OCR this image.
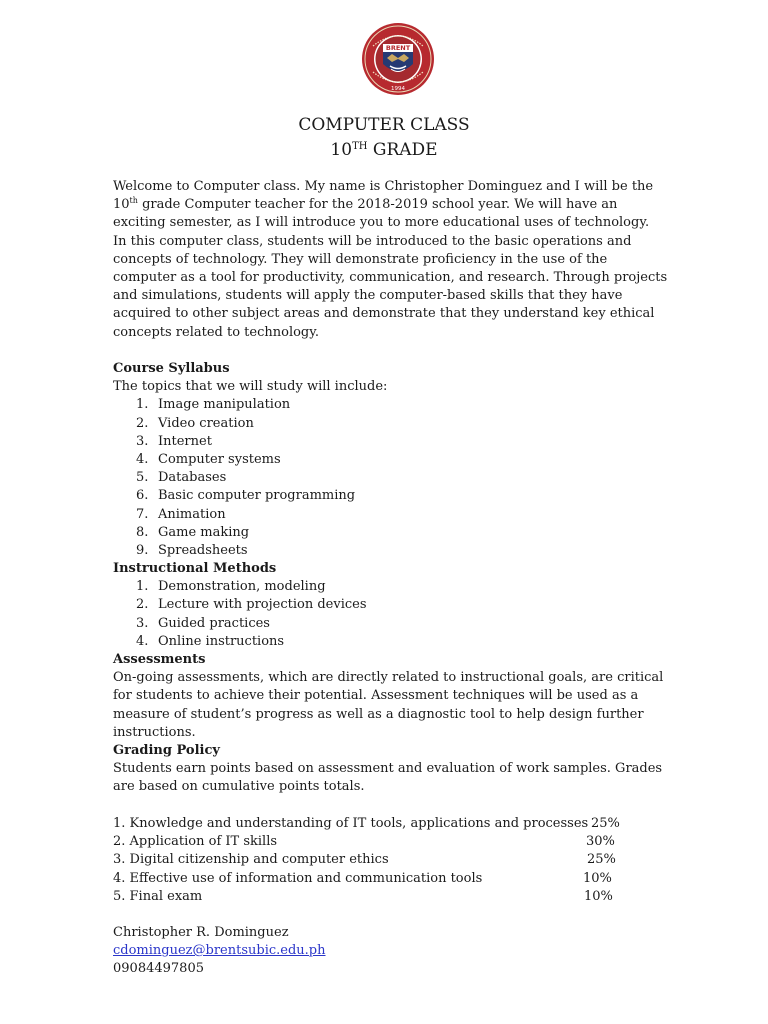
BRENT
1994
COMPUTER CLASS
10TH GRADE
Welcome to Computer class. My name is Christopher Dominguez and I will be the
10th grade Computer teacher for the 2018-2019 school year. We will have an
exciting semester, as I will introduce you to more educational uses of technology.
In this computer class, students will be introduced to the basic operations and
concepts of technology. They will demonstrate proficiency in the use of the
computer as a tool for productivity, communication, and research. Through projects
and simulations, students will apply the computer-based skills that they have
acquired to other subject areas and demonstrate that they understand key ethical
concepts related to technology.
Course Syllabus
The topics that we will study will include:
1. Image manipulation
2. Video creation
3. Internet
4. Computer systems
5. Databases
6. Basic computer programming
7. Animation
8. Game making
9. Spreadsheets
Instructional Methods
1. Demonstration, modeling
2. Lecture with projection devices
3. Guided practices
4. Online instructions
Assessments
On-going assessments, which are directly related to instructional goals, are critical
for students to achieve their potential. Assessment techniques will be used as a
measure of student’s progress as well as a diagnostic tool to help design further
instructions.
Grading Policy
Students earn points based on assessment and evaluation of work samples. Grades
are based on cumulative points totals.
1. Knowledge and understanding of IT tools, applications and processes 25%
2. Application of IT skills	30%
3. Digital citizenship and computer ethics	25%
4. Effective use of information and communication tools	10%
5. Final exam	10%
Christopher R. Dominguez
cdominguez@brentsubic.edu.ph
09084497805
